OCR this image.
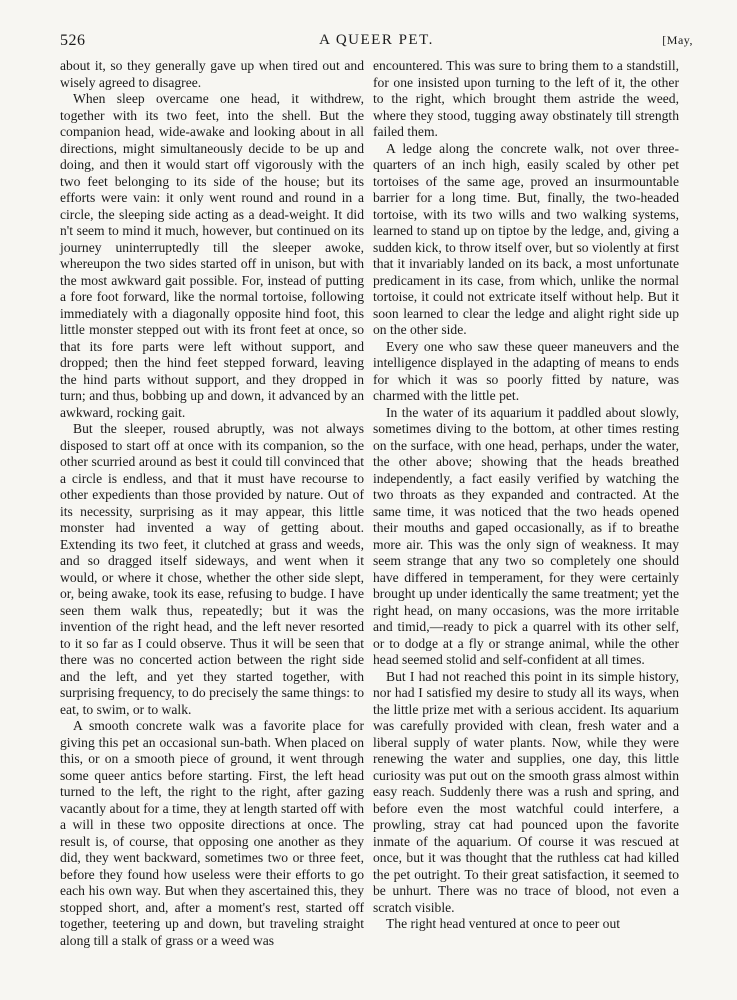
526	A QUEER PET.	[May,

about it, so they generally gave up when tired out and wisely agreed to disagree.

When sleep overcame one head, it withdrew, together with its two feet, into the shell. But the companion head, wide-awake and looking about in all directions, might simultaneously decide to be up and doing, and then it would start off vigorously with the two feet belonging to its side of the house; but its efforts were vain: it only went round and round in a circle, the sleeping side acting as a dead-weight. It did n't seem to mind it much, however, but continued on its journey uninterruptedly till the sleeper awoke, whereupon the two sides started off in unison, but with the most awkward gait possible. For, instead of putting a fore foot forward, like the normal tortoise, following immediately with a diagonally opposite hind foot, this little monster stepped out with its front feet at once, so that its fore parts were left without support, and dropped; then the hind feet stepped forward, leaving the hind parts without support, and they dropped in turn; and thus, bobbing up and down, it advanced by an awkward, rocking gait.

But the sleeper, roused abruptly, was not always disposed to start off at once with its companion, so the other scurried around as best it could till convinced that a circle is endless, and that it must have recourse to other expedients than those provided by nature. Out of its necessity, surprising as it may appear, this little monster had invented a way of getting about. Extending its two feet, it clutched at grass and weeds, and so dragged itself sideways, and went when it would, or where it chose, whether the other side slept, or, being awake, took its ease, refusing to budge. I have seen them walk thus, repeatedly; but it was the invention of the right head, and the left never resorted to it so far as I could observe. Thus it will be seen that there was no concerted action between the right side and the left, and yet they started together, with surprising frequency, to do precisely the same things: to eat, to swim, or to walk.

A smooth concrete walk was a favorite place for giving this pet an occasional sun-bath. When placed on this, or on a smooth piece of ground, it went through some queer antics before starting. First, the left head turned to the left, the right to the right, after gazing vacantly about for a time, they at length started off with a will in these two opposite directions at once. The result is, of course, that opposing one another as they did, they went backward, sometimes two or three feet, before they found how useless were their efforts to go each his own way. But when they ascertained this, they stopped short, and, after a moment's rest, started off together, teetering up and down, but traveling straight along till a stalk of grass or a weed was

encountered. This was sure to bring them to a standstill, for one insisted upon turning to the left of it, the other to the right, which brought them astride the weed, where they stood, tugging away obstinately till strength failed them.

A ledge along the concrete walk, not over three-quarters of an inch high, easily scaled by other pet tortoises of the same age, proved an insurmountable barrier for a long time. But, finally, the two-headed tortoise, with its two wills and two walking systems, learned to stand up on tiptoe by the ledge, and, giving a sudden kick, to throw itself over, but so violently at first that it invariably landed on its back, a most unfortunate predicament in its case, from which, unlike the normal tortoise, it could not extricate itself without help. But it soon learned to clear the ledge and alight right side up on the other side.

Every one who saw these queer maneuvers and the intelligence displayed in the adapting of means to ends for which it was so poorly fitted by nature, was charmed with the little pet.

In the water of its aquarium it paddled about slowly, sometimes diving to the bottom, at other times resting on the surface, with one head, perhaps, under the water, the other above; showing that the heads breathed independently, a fact easily verified by watching the two throats as they expanded and contracted. At the same time, it was noticed that the two heads opened their mouths and gaped occasionally, as if to breathe more air. This was the only sign of weakness. It may seem strange that any two so completely one should have differed in temperament, for they were certainly brought up under identically the same treatment; yet the right head, on many occasions, was the more irritable and timid,—ready to pick a quarrel with its other self, or to dodge at a fly or strange animal, while the other head seemed stolid and self-confident at all times.

But I had not reached this point in its simple history, nor had I satisfied my desire to study all its ways, when the little prize met with a serious accident. Its aquarium was carefully provided with clean, fresh water and a liberal supply of water plants. Now, while they were renewing the water and supplies, one day, this little curiosity was put out on the smooth grass almost within easy reach. Suddenly there was a rush and spring, and before even the most watchful could interfere, a prowling, stray cat had pounced upon the favorite inmate of the aquarium. Of course it was rescued at once, but it was thought that the ruthless cat had killed the pet outright. To their great satisfaction, it seemed to be unhurt. There was no trace of blood, not even a scratch visible.

The right head ventured at once to peer out
